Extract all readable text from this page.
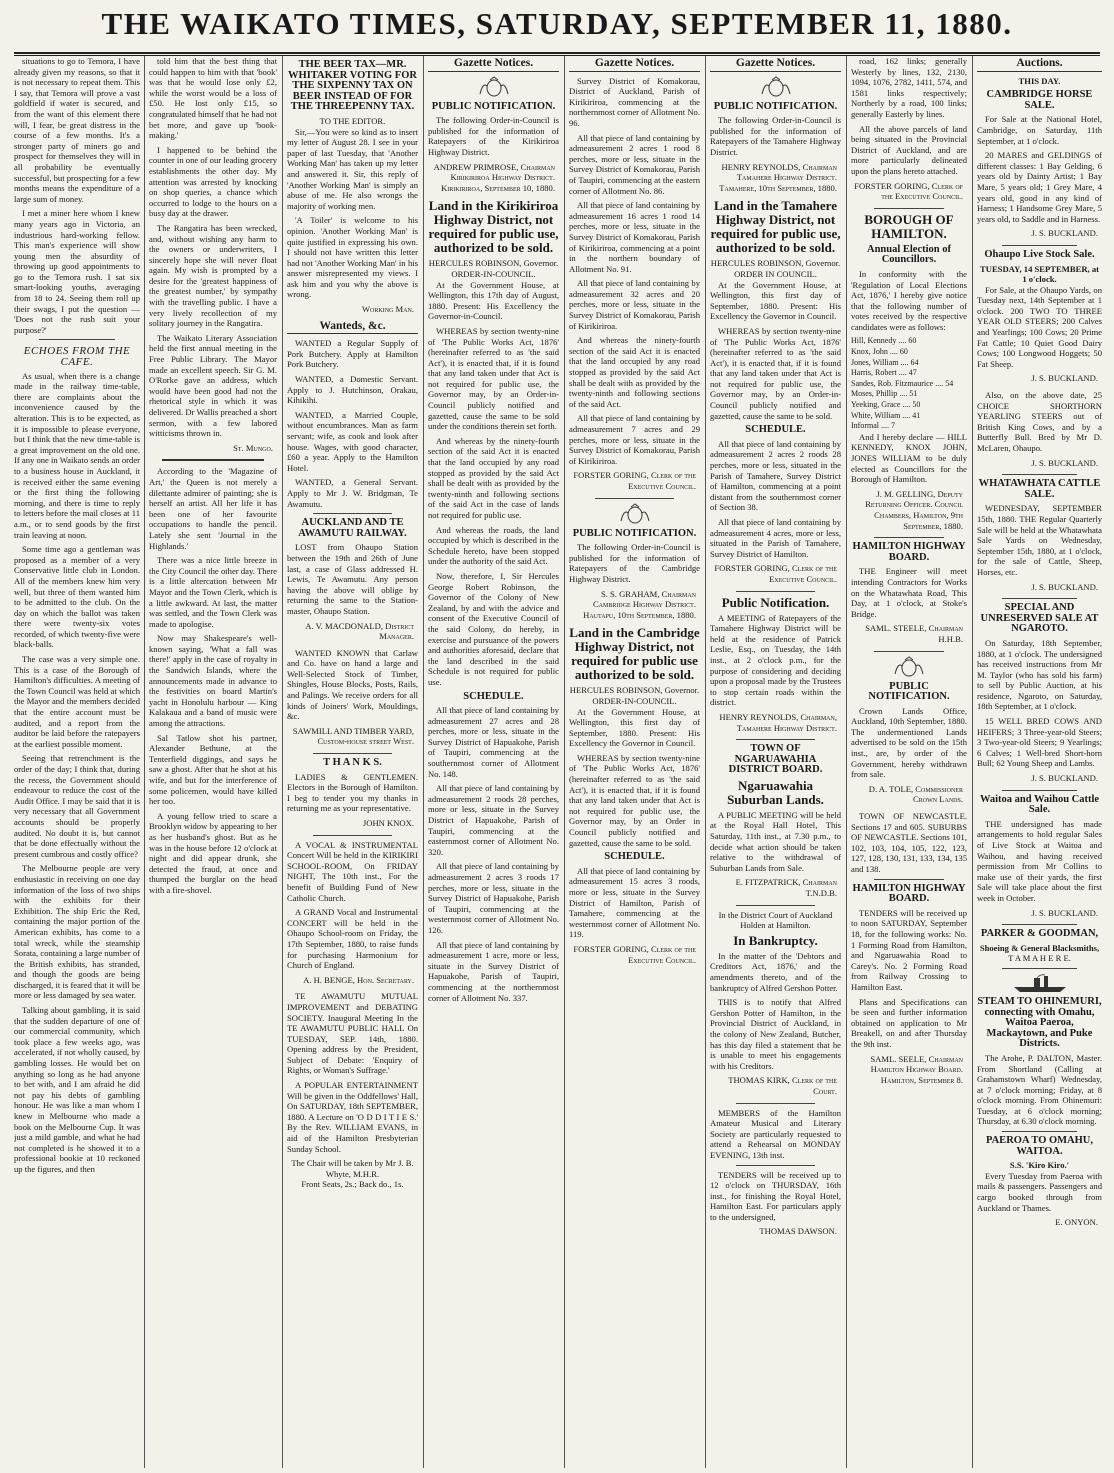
THE WAIKATO TIMES, SATURDAY, SEPTEMBER 11, 1880.

situations to go to Temora, I have already given my reasons, so that it is not necessary to repeat them. This I say, that Temora will prove a vast goldfield if water is secured, and from the want of this element there will, I fear, be great distress in the course of a few months. It's a stronger party of miners go and prospect for themselves they will in all probability be eventually successful, but prospecting for a few months means the expenditure of a large sum of money.

I met a miner here whom I knew many years ago in Victoria, an industrious hard-working fellow. This man's experience will show young men the absurdity of throwing up good appointments to go to the Temora rush. I sat six smart-looking youths, averaging from 18 to 24. Seeing them roll up their swags, I put the question — 'Does not the rush suit your purpose?'

ECHOES FROM THE CAFE.

As usual, when there is a change made in the railway time-table, there are complaints about the inconvenience caused by the alteration. This is to be expected, as it is impossible to please everyone, but I think that the new time-table is a great improvement on the old one. If any one in Waikato sends an order to a business house in Auckland, it is received either the same evening or the first thing the following morning, and there is time to reply to letters before the mail closes at 11 a.m., or to send goods by the first train leaving at noon.

Some time ago a gentleman was proposed as a member of a very Conservative little club in London. All of the members knew him very well, but three of them wanted him to be admitted to the club. On the day on which the ballot was taken there were twenty-six votes recorded, of which twenty-five were black-balls.

The case was a very simple one. This is a case of the Borough of Hamilton's difficulties. A meeting of the Town Council was held at which the Mayor and the members decided that the entire account must be audited, and a report from the auditor be laid before the ratepayers at the earliest possible moment.

Seeing that retrenchment is the order of the day; I think that, during the recess, the Government should endeavour to reduce the cost of the Audit Office. I may be said that it is very necessary that all Government accounts should be properly audited. No doubt it is, but cannot that be done effectually without the present cumbrous and costly office?

The Melbourne people are very enthusiastic in receiving on one day information of the loss of two ships with the exhibits for their Exhibition. The ship Eric the Red, containing the major portion of the American exhibits, has come to a total wreck, while the steamship Sorata, containing a large number of the British exhibits, has stranded, and though the goods are being discharged, it is feared that it will be more or less damaged by sea water.

Talking about gambling, it is said that the sudden departure of one of our commercial community, which took place a few weeks ago, was accelerated, if not wholly caused, by gambling losses. He would bet on anything so long as he had anyone to bet with, and I am afraid he did not pay his debts of gambling honour. He was like a man whom I knew in Melbourne who made a book on the Melbourne Cup. It was just a mild gamble, and what he had not completed is he showed it to a professional bookie at 10 reckoned up the figures, and then

told him that the best thing that could happen to him with that 'book' was that he would lose only £2, while the worst would be a loss of £50. He lost only £15, so congratulated himself that he had not bet more, and gave up 'book-making.'

I happened to be behind the counter in one of our leading grocery establishments the other day. My attention was arrested by knocking on shop queries, a chance which occurred to lodge to the hours on a busy day at the drawer.

The Rangatira has been wrecked, and, without wishing any harm to the owners or underwriters, I sincerely hope she will never float again. My wish is prompted by a desire for the 'greatest happiness of the greatest number,' by sympathy with the travelling public. I have a very lively recollection of my solitary journey in the Rangatira.

The Waikato Literary Association held the first annual meeting in the Free Public Library. The Mayor made an excellent speech. Sir G. M. O'Rorke gave an address, which would have been good had not the rhetorical style in which it was delivered. Dr Wallis preached a short sermon, with a few labored witticisms thrown in.

St. Mungo.

According to the 'Magazine of Art,' the Queen is not merely a dilettante admirer of painting; she is herself an artist. All her life it has been one of her favourite occupations to handle the pencil. Lately she sent 'Journal in the Highlands.'

There was a nice little breeze in the City Council the other day. There is a little altercation between Mr Mayor and the Town Clerk, which is a little awkward. At last, the matter was settled, and the Town Clerk was made to apologise.

Now may Shakespeare's well-known saying, 'What a fall was there!' apply in the case of royalty in the Sandwich Islands, where the announcements made in advance to the festivities on board Martin's yacht in Honolulu harbour — King Kalakaua and a band of music were among the attractions.

Sal Tatlow shot his partner, Alexander Bethune, at the Tenterfield diggings, and says he saw a ghost. After that he shot at his wife, and but for the interference of some policemen, would have killed her too.

A young fellow tried to scare a Brooklyn widow by appearing to her as her husband's ghost. But as he was in the house before 12 o'clock at night and did appear drunk, she detected the fraud, at once and thumped the burglar on the head with a fire-shovel.

THE BEER TAX—MR. WHITAKER VOTING FOR THE SIXPENNY TAX ON BEER INSTEAD OF FOR THE THREEPENNY TAX.
TO THE EDITOR.

Sir,—You were so kind as to insert my letter of August 28. I see in your paper of last Tuesday, that 'Another Working Man' has taken up my letter and answered it. Sir, this reply of 'Another Working Man' is simply an abuse of me. He also wrongs the majority of working men.

'A Toiler' is welcome to his opinion. 'Another Working Man' is quite justified in expressing his own. I should not have written this letter had not 'Another Working Man' in his answer misrepresented my views. I ask him and you why the above is wrong.

Working Man.
Wanteds, &c.

WANTED a Regular Supply of Pork Butchery. Apply at Hamilton Pork Butchery.

WANTED, a Domestic Servant. Apply to J. Hutchinson, Orakau, Kihikihi.

WANTED, a Married Couple, without encumbrances. Man as farm servant; wife, as cook and look after house. Wages, with good character, £60 a year. Apply to the Hamilton Hotel.

WANTED, a General Servant. Apply to Mr J. W. Bridgman, Te Awamutu.

AUCKLAND AND TE AWAMUTU RAILWAY.

LOST from Ohaupo Station between the 19th and 26th of June last, a case of Glass addressed H. Lewis, Te Awamutu. Any person having the above will oblige by returning the same to the Station-master, Ohaupo Station.

A. V. MACDONALD, District Manager.

WANTED KNOWN that Carlaw and Co. have on hand a large and Well-Selected Stock of Timber, Shingles, House Blocks, Posts, Rails, and Palings. We receive orders for all kinds of Joiners' Work, Mouldings, &c.

SAWMILL AND TIMBER YARD, Custom-house street West.
T H A N K S.

LADIES & GENTLEMEN. Electors in the Borough of Hamilton. I beg to tender you my thanks in returning me as your representative.

JOHN KNOX.

A VOCAL & INSTRUMENTAL Concert Will be held in the KIRIKIRI SCHOOL-ROOM, On FRIDAY NIGHT, The 10th inst., For the benefit of Building Fund of New Catholic Church.

A GRAND Vocal and Instrumental CONCERT will be held in the Ohaupo School-room on Friday, the 17th September, 1880, to raise funds for purchasing Harmonium for Church of England.

A. H. BENGE, Hon. Secretary.

TE AWAMUTU MUTUAL IMPROVEMENT and DEBATING SOCIETY. Inaugural Meeting In the TE AWAMUTU PUBLIC HALL On TUESDAY, SEP. 14th, 1880. Opening address by the President, Subject of Debate: 'Enquiry of Rights, or Woman's Suffrage.'

A POPULAR ENTERTAINMENT Will be given in the Oddfellows' Hall, On SATURDAY, 18th SEPTEMBER, 1880. A Lecture on 'O D D I T I E S.' By the Rev. WILLIAM EVANS, in aid of the Hamilton Presbyterian Sunday School.

The Chair will be taken by Mr J. B. Whyte, M.H.R.
Front Seats, 2s.; Back do., 1s.
Gazette Notices.
PUBLIC NOTIFICATION.

The following Order-in-Council is published for the information of Ratepayers of the Kirikiriroa Highway District.

ANDREW PRIMROSE, Chairman Kirikiriroa Highway District. Kirikiriroa, September 10, 1880.
Land in the Kirikiriroa Highway District, not required for public use, authorized to be sold.
HERCULES ROBINSON, Governor. ORDER-IN-COUNCIL.

At the Government House, at Wellington, this 17th day of August, 1880. Present: His Excellency the Governor-in-Council.

WHEREAS by section twenty-nine of 'The Public Works Act, 1876' (hereinafter referred to as 'the said Act'), it is enacted that, if it is found that any land taken under that Act is not required for public use, the Governor may, by an Order-in-Council publicly notified and gazetted, cause the same to be sold under the conditions therein set forth.

And whereas by the ninety-fourth section of the said Act it is enacted that the land occupied by any road stopped as provided by the said Act shall be dealt with as provided by the twenty-ninth and following sections of the said Act in the case of lands not required for public use.

And whereas the roads, the land occupied by which is described in the Schedule hereto, have been stopped under the authority of the said Act.

Now, therefore, I, Sir Hercules George Robert Robinson, the Governor of the Colony of New Zealand, by and with the advice and consent of the Executive Council of the said Colony, do hereby, in exercise and pursuance of the powers and authorities aforesaid, declare that the land described in the said Schedule is not required for public use.

SCHEDULE.

All that piece of land containing by admeasurement 27 acres and 28 perches, more or less, situate in the Survey District of Hapuakohe, Parish of Taupiri, commencing at the southernmost corner of Allotment No. 148.

All that piece of land containing by admeasurement 2 roods 28 perches, more or less, situate in the Survey District of Hapuakohe, Parish of Taupiri, commencing at the easternmost corner of Allotment No. 320.

All that piece of land containing by admeasurement 2 acres 3 roods 17 perches, more or less, situate in the Survey District of Hapuakohe, Parish of Taupiri, commencing at the westernmost corner of Allotment No. 126.

All that piece of land containing by admeasurement 1 acre, more or less, situate in the Survey District of Hapuakohe, Parish of Taupiri, commencing at the northernmost corner of Allotment No. 337.

Gazette Notices.

Survey District of Komakorau, District of Auckland, Parish of Kirikiriroa, commencing at the northernmost corner of Allotment No. 96.

All that piece of land containing by admeasurement 2 acres 1 rood 8 perches, more or less, situate in the Survey District of Komakorau, Parish of Taupiri, commencing at the eastern corner of Allotment No. 86.

All that piece of land containing by admeasurement 16 acres 1 rood 14 perches, more or less, situate in the Survey District of Komakorau, Parish of Kirikiriroa, commencing at a point in the northern boundary of Allotment No. 91.

All that piece of land containing by admeasurement 32 acres and 20 perches, more or less, situate in the Survey District of Komakorau, Parish of Kirikiriroa.

And whereas the ninety-fourth section of the said Act it is enacted that the land occupied by any road stopped as provided by the said Act shall be dealt with as provided by the twenty-ninth and following sections of the said Act.

All that piece of land containing by admeasurement 7 acres and 29 perches, more or less, situate in the Survey District of Komakorau, Parish of Kirikiriroa.

FORSTER GORING, Clerk of the Executive Council.
PUBLIC NOTIFICATION.

The following Order-in-Council is published for the information of Ratepayers of the Cambridge Highway District.

S. S. GRAHAM, Chairman Cambridge Highway District. Hautapu, 10th September, 1880.
Land in the Cambridge Highway District, not required for public use authorized to be sold.
HERCULES ROBINSON, Governor. ORDER-IN-COUNCIL.

At the Government House, at Wellington, this first day of September, 1880. Present: His Excellency the Governor in Council.

WHEREAS by section twenty-nine of 'The Public Works Act, 1876' (hereinafter referred to as 'the said Act'), it is enacted that, if it is found that any land taken under that Act is not required for public use, the Governor may, by an Order in Council publicly notified and gazetted, cause the same to be sold.

SCHEDULE.

All that piece of land containing by admeasurement 15 acres 3 roods, more or less, situate in the Survey District of Hamilton, Parish of Tamahere, commencing at the westernmost corner of Allotment No. 119.

FORSTER GORING, Clerk of the Executive Council.
Gazette Notices.
PUBLIC NOTIFICATION.

The following Order-in-Council is published for the information of Ratepayers of the Tamahere Highway District.

HENRY REYNOLDS, Chairman Tamahere Highway District. Tamahere, 10th September, 1880.
Land in the Tamahere Highway District, not required for public use, authorized to be sold.
HERCULES ROBINSON, Governor. ORDER IN COUNCIL.

At the Government House, at Wellington, this first day of September, 1880. Present: His Excellency the Governor in Council.

WHEREAS by section twenty-nine of 'The Public Works Act, 1876' (hereinafter referred to as 'the said Act'), it is enacted that, if it is found that any land taken under that Act is not required for public use, the Governor may, by an Order-in-Council publicly notified and gazetted, cause the same to be sold.

SCHEDULE.

All that piece of land containing by admeasurement 2 acres 2 roods 28 perches, more or less, situated in the Parish of Tamahere, Survey District of Hamilton, commencing at a point distant from the southernmost corner of Section 38.

All that piece of land containing by admeasurement 4 acres, more or less, situated in the Parish of Tamahere, Survey District of Hamilton.

FORSTER GORING, Clerk of the Executive Council.
Public Notification.

A MEETING of Ratepayers of the Tamahere Highway District will be held at the residence of Patrick Leslie, Esq., on Tuesday, the 14th inst., at 2 o'clock p.m., for the purpose of considering and deciding upon a proposal made by the Trustees to stop certain roads within the district.

HENRY REYNOLDS, Chairman, Tamahere Highway District.
TOWN OF NGARUAWAHIA DISTRICT BOARD.
Ngaruawahia Suburban Lands.

A PUBLIC MEETING will be held at the Royal Hall Hotel, This Saturday, 11th inst., at 7.30 p.m., to decide what action should be taken relative to the withdrawal of Suburban Lands from Sale.

E. FITZPATRICK, Chairman T.N.D.B.
In the District Court of Auckland Holden at Hamilton.
In Bankruptcy.

In the matter of the 'Debtors and Creditors Act, 1876,' and the amendments thereto, and of the bankruptcy of Alfred Gershon Potter.

THIS is to notify that Alfred Gershon Potter of Hamilton, in the Provincial District of Auckland, in the colony of New Zealand, Butcher, has this day filed a statement that he is unable to meet his engagements with his Creditors.

THOMAS KIRK, Clerk of the Court.

MEMBERS of the Hamilton Amateur Musical and Literary Society are particularly requested to attend a Rehearsal on MONDAY EVENING, 13th inst.

TENDERS will be received up to 12 o'clock on THURSDAY, 16th inst., for finishing the Royal Hotel, Hamilton East. For particulars apply to the undersigned,

THOMAS DAWSON.

road, 162 links; generally Westerly by lines, 132, 2130, 1094, 1076, 2782, 1411, 574, and 1581 links respectively; Northerly by a road, 100 links; generally Easterly by lines.

All the above parcels of land being situated in the Provincial District of Auckland, and are more particularly delineated upon the plans hereto attached.

FORSTER GORING, Clerk of the Executive Council.
BOROUGH OF HAMILTON.
Annual Election of Councillors.

In conformity with the 'Regulation of Local Elections Act, 1876,' I hereby give notice that the following number of votes received by the respective candidates were as follows:

Hill, Kennedy .... 60
Knox, John .... 60
Jones, William .... 64
Harris, Robert .... 47
Sandes, Rob. Fitzmaurice .... 54
Moses, Phillip .... 51
Yeeking, Grace .... 50
White, William .... 41
Informal .... 7

And I hereby declare — HILL KENNEDY, KNOX JOHN, JONES WILLIAM to be duly elected as Councillors for the Borough of Hamilton.

J. M. GELLING, Deputy Returning Officer. Council Chambers, Hamilton, 9th September, 1880.
HAMILTON HIGHWAY BOARD.

THE Engineer will meet intending Contractors for Works on the Whatawhata Road, This Day, at 1 o'clock, at Stoke's Bridge.

SAML. STEELE, Chairman H.H.B.
PUBLIC NOTIFICATION.

Crown Lands Office, Auckland, 10th September, 1880. The undermentioned Lands advertised to be sold on the 15th inst., are, by order of the Government, hereby withdrawn from sale.

D. A. TOLE, Commissioner Crown Lands.

TOWN OF NEWCASTLE. Sections 17 and 605. SUBURBS OF NEWCASTLE. Sections 101, 102, 103, 104, 105, 122, 123, 127, 128, 130, 131, 133, 134, 135 and 138.

HAMILTON HIGHWAY BOARD.

TENDERS will be received up to noon SATURDAY, September 18, for the following works: No. 1 Forming Road from Hamilton, and Ngaruawahia Road to Carey's. No. 2 Forming Road from Railway Crossing to Hamilton East.

Plans and Specifications can be seen and further information obtained on application to Mr Breakell, on and after Thursday the 9th inst.

SAML. SEELE, Chairman Hamilton Highway Board. Hamilton, September 8.
Auctions.
THIS DAY.
CAMBRIDGE HORSE SALE.

For Sale at the National Hotel, Cambridge, on Saturday, 11th September, at 1 o'clock.

20 MARES and GELDINGS of different classes: 1 Bay Gelding, 6 years old by Dainty Artist; 1 Bay Mare, 5 years old; 1 Grey Mare, 4 years old, good in any kind of Harness; 1 Handsome Grey Mare, 5 years old, to Saddle and in Harness.

J. S. BUCKLAND.
Ohaupo Live Stock Sale.
TUESDAY, 14 SEPTEMBER, at 1 o'clock.

For Sale, at the Ohaupo Yards, on Tuesday next, 14th September at 1 o'clock. 200 TWO TO THREE YEAR OLD STEERS; 200 Calves and Yearlings; 100 Cows; 20 Prime Fat Cattle; 10 Quiet Good Dairy Cows; 100 Longwood Hoggets; 50 Fat Sheep.

J. S. BUCKLAND.

Also, on the above date, 25 CHOICE SHORTHORN YEARLING STEERS out of British King Cows, and by a Butterfly Bull. Bred by Mr D. McLaren, Ohaupo.

J. S. BUCKLAND.
WHATAWHATA CATTLE SALE.

WEDNESDAY, SEPTEMBER 15th, 1880. THE Regular Quarterly Sale will be held at the Whatawhata Sale Yards on Wednesday, September 15th, 1880, at 1 o'clock, for the sale of Cattle, Sheep, Horses, etc.

J. S. BUCKLAND.
SPECIAL AND UNRESERVED SALE AT NGAROTO.

On Saturday, 18th September, 1880, at 1 o'clock. The undersigned has received instructions from Mr M. Taylor (who has sold his farm) to sell by Public Auction, at his residence, Ngaroto, on Saturday, 18th September, at 1 o'clock.

15 WELL BRED COWS AND HEIFERS; 3 Three-year-old Steers; 3 Two-year-old Steers; 9 Yearlings; 6 Calves; 1 Well-bred Short-horn Bull; 62 Young Sheep and Lambs.

J. S. BUCKLAND.
Waitoa and Waihou Cattle Sale.

THE undersigned has made arrangements to hold regular Sales of Live Stock at Waitoa and Waihou, and having received permission from Mr Collins to make use of their yards, the first Sale will take place about the first week in October.

J. S. BUCKLAND.
PARKER & GOODMAN,
Shoeing & General Blacksmiths,
T A M A H E R E.
STEAM TO OHINEMURI, connecting with Omahu, Waitoa Paeroa, Mackaytown, and Puke Districts.

The Arohe, P. DALTON, Master. From Shortland (Calling at Grahamstown Wharf) Wednesday, at 7 o'clock morning; Friday, at 8 o'clock morning. From Ohinemuri: Tuesday, at 6 o'clock morning; Thursday, at 6.30 o'clock morning.

PAEROA TO OMAHU, WAITOA.
S.S. 'Kiro Kiro.'

Every Tuesday from Paeroa with mails & passengers. Passengers and cargo booked through from Auckland or Thames.

E. ONYON.
